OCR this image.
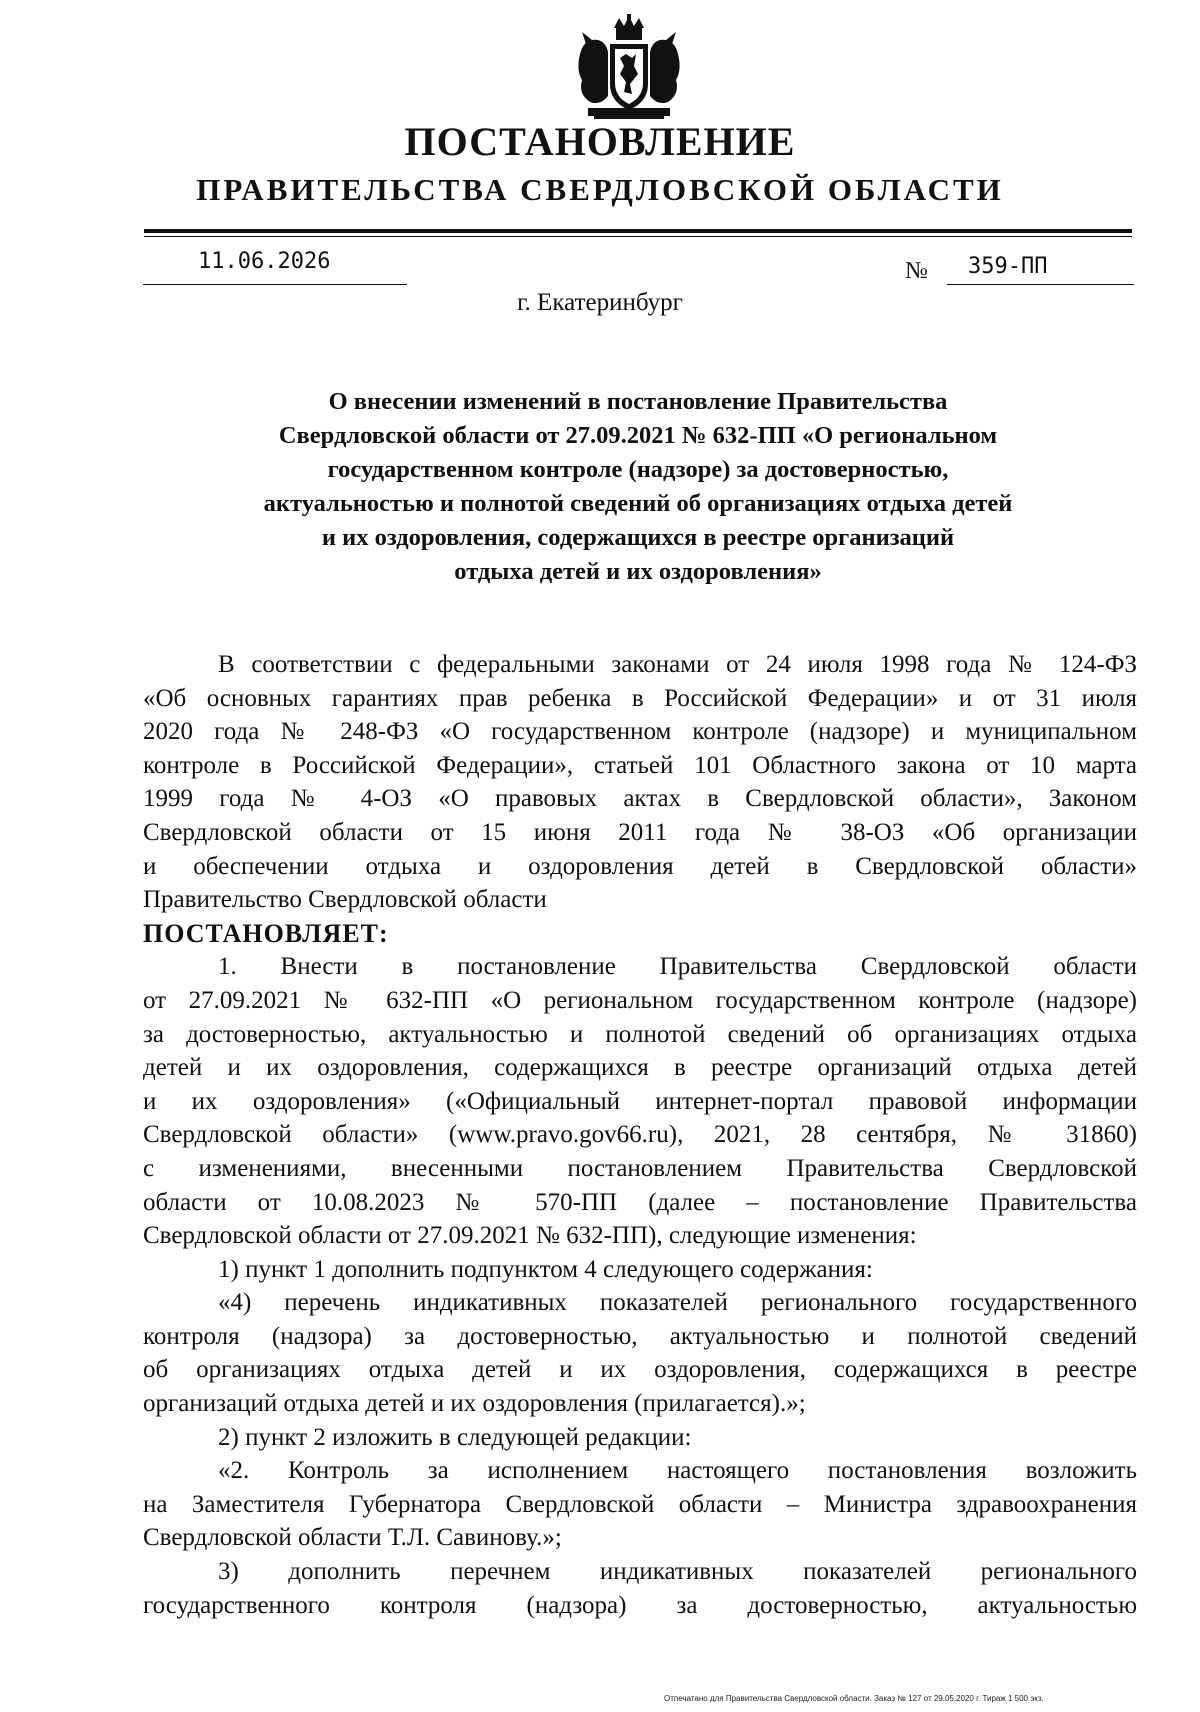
ПОСТАНОВЛЕНИЕ
ПРАВИТЕЛЬСТВА СВЕРДЛОВСКОЙ ОБЛАСТИ
11.06.2026	№ 359-ПП
г. Екатеринбург
О внесении изменений в постановление Правительства
Свердловской области от 27.09.2021 № 632-ПП «О региональном
государственном контроле (надзоре) за достоверностью,
актуальностью и полнотой сведений об организациях отдыха детей
и их оздоровления, содержащихся в реестре организаций
отдыха детей и их оздоровления»
В соответствии с федеральными законами от 24 июля 1998 года № 124-ФЗ
«Об основных гарантиях прав ребенка в Российской Федерации» и от 31 июля
2020 года № 248-ФЗ «О государственном контроле (надзоре) и муниципальном
контроле в Российской Федерации», статьей 101 Областного закона от 10 марта
1999 года № 4-ОЗ «О правовых актах в Свердловской области», Законом
Свердловской области от 15 июня 2011 года № 38-ОЗ «Об организации
и обеспечении отдыха и оздоровления детей в Свердловской области»
Правительство Свердловской области
ПОСТАНОВЛЯЕТ:
1. Внести в постановление Правительства Свердловской области
от 27.09.2021 № 632-ПП «О региональном государственном контроле (надзоре)
за достоверностью, актуальностью и полнотой сведений об организациях отдыха
детей и их оздоровления, содержащихся в реестре организаций отдыха детей
и их оздоровления» («Официальный интернет-портал правовой информации
Свердловской области» (www.pravo.gov66.ru), 2021, 28 сентября, № 31860)
с изменениями, внесенными постановлением Правительства Свердловской
области от 10.08.2023 № 570-ПП (далее – постановление Правительства
Свердловской области от 27.09.2021 № 632-ПП), следующие изменения:
1) пункт 1 дополнить подпунктом 4 следующего содержания:
«4) перечень индикативных показателей регионального государственного
контроля (надзора) за достоверностью, актуальностью и полнотой сведений
об организациях отдыха детей и их оздоровления, содержащихся в реестре
организаций отдыха детей и их оздоровления (прилагается).»;
2) пункт 2 изложить в следующей редакции:
«2. Контроль за исполнением настоящего постановления возложить
на Заместителя Губернатора Свердловской области – Министра здравоохранения
Свердловской области Т.Л. Савинову.»;
3) дополнить перечнем индикативных показателей регионального
государственного контроля (надзора) за достоверностью, актуальностью
Отпечатано для Правительства Свердловской области. Заказ № 127 от 29.05.2020 г. Тираж 1 500 экз.
